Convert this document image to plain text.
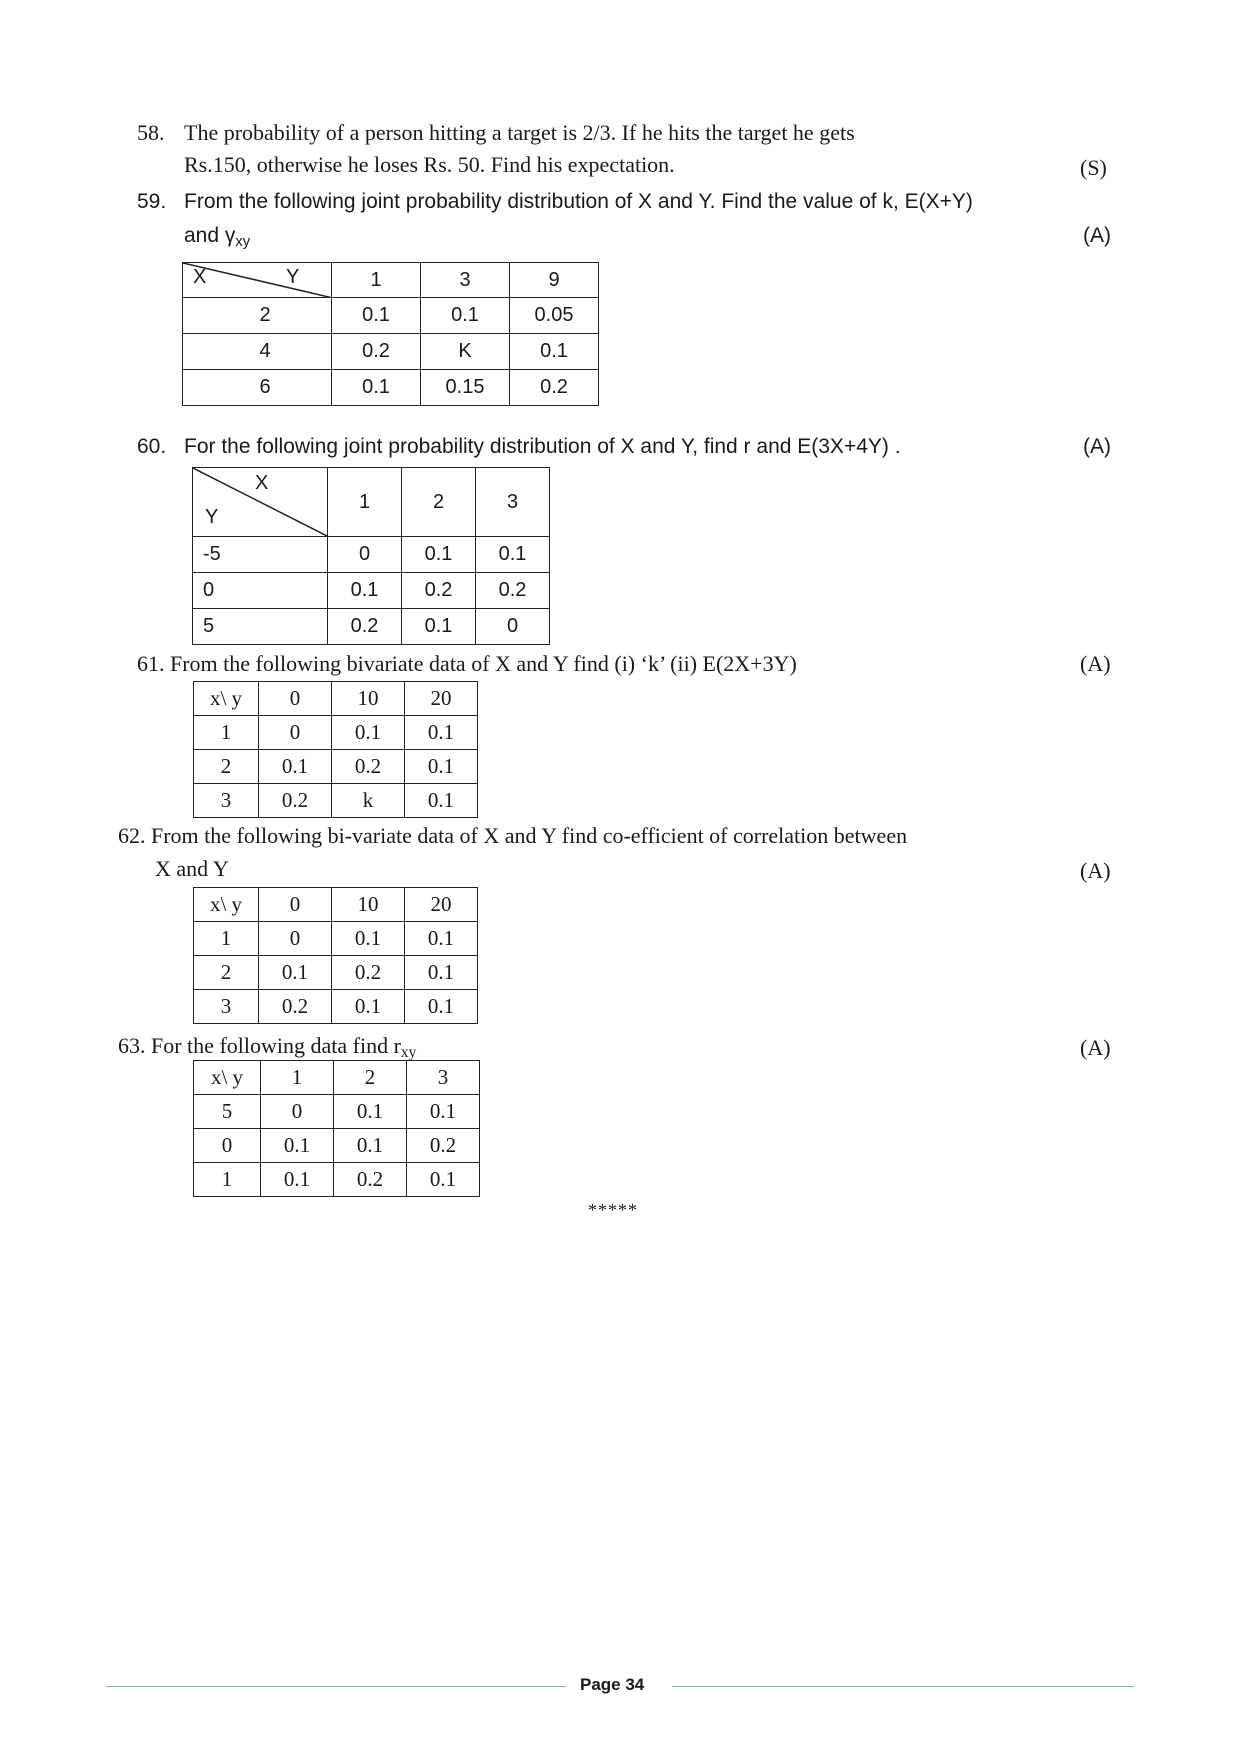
58. The probability of a person hitting a target is 2/3. If he hits the target he gets
Rs.150, otherwise he loses Rs. 50. Find his expectation.	(S)
59. From the following joint probability distribution of X and Y. Find the value of k, E(X+Y)
and $\gamma_{xy}$	(A)
X Y	1	3	9
2	0.1	0.1	0.05
4	0.2	K	0.1
6	0.1	0.15	0.2
60. For the following joint probability distribution of X and Y, find r and E(3X+4Y) .	(A)
X
Y	1	2	3
-5	0	0.1	0.1
0	0.1	0.2	0.2
5	0.2	0.1	0
61. From the following bivariate data of X and Y find (i) ‘k’ (ii) E(2X+3Y)	(A)
x\ y	0	10	20
1	0	0.1	0.1
2	0.1	0.2	0.1
3	0.2	k	0.1
62. From the following bi-variate data of X and Y find co-efficient of correlation between
X and Y	(A)
x\ y	0	10	20
1	0	0.1	0.1
2	0.1	0.2	0.1
3	0.2	0.1	0.1
63. For the following data find $r_{xy}$	(A)
x\ y	1	2	3
5	0	0.1	0.1
0	0.1	0.1	0.2
1	0.1	0.2	0.1
*****
Page 34
